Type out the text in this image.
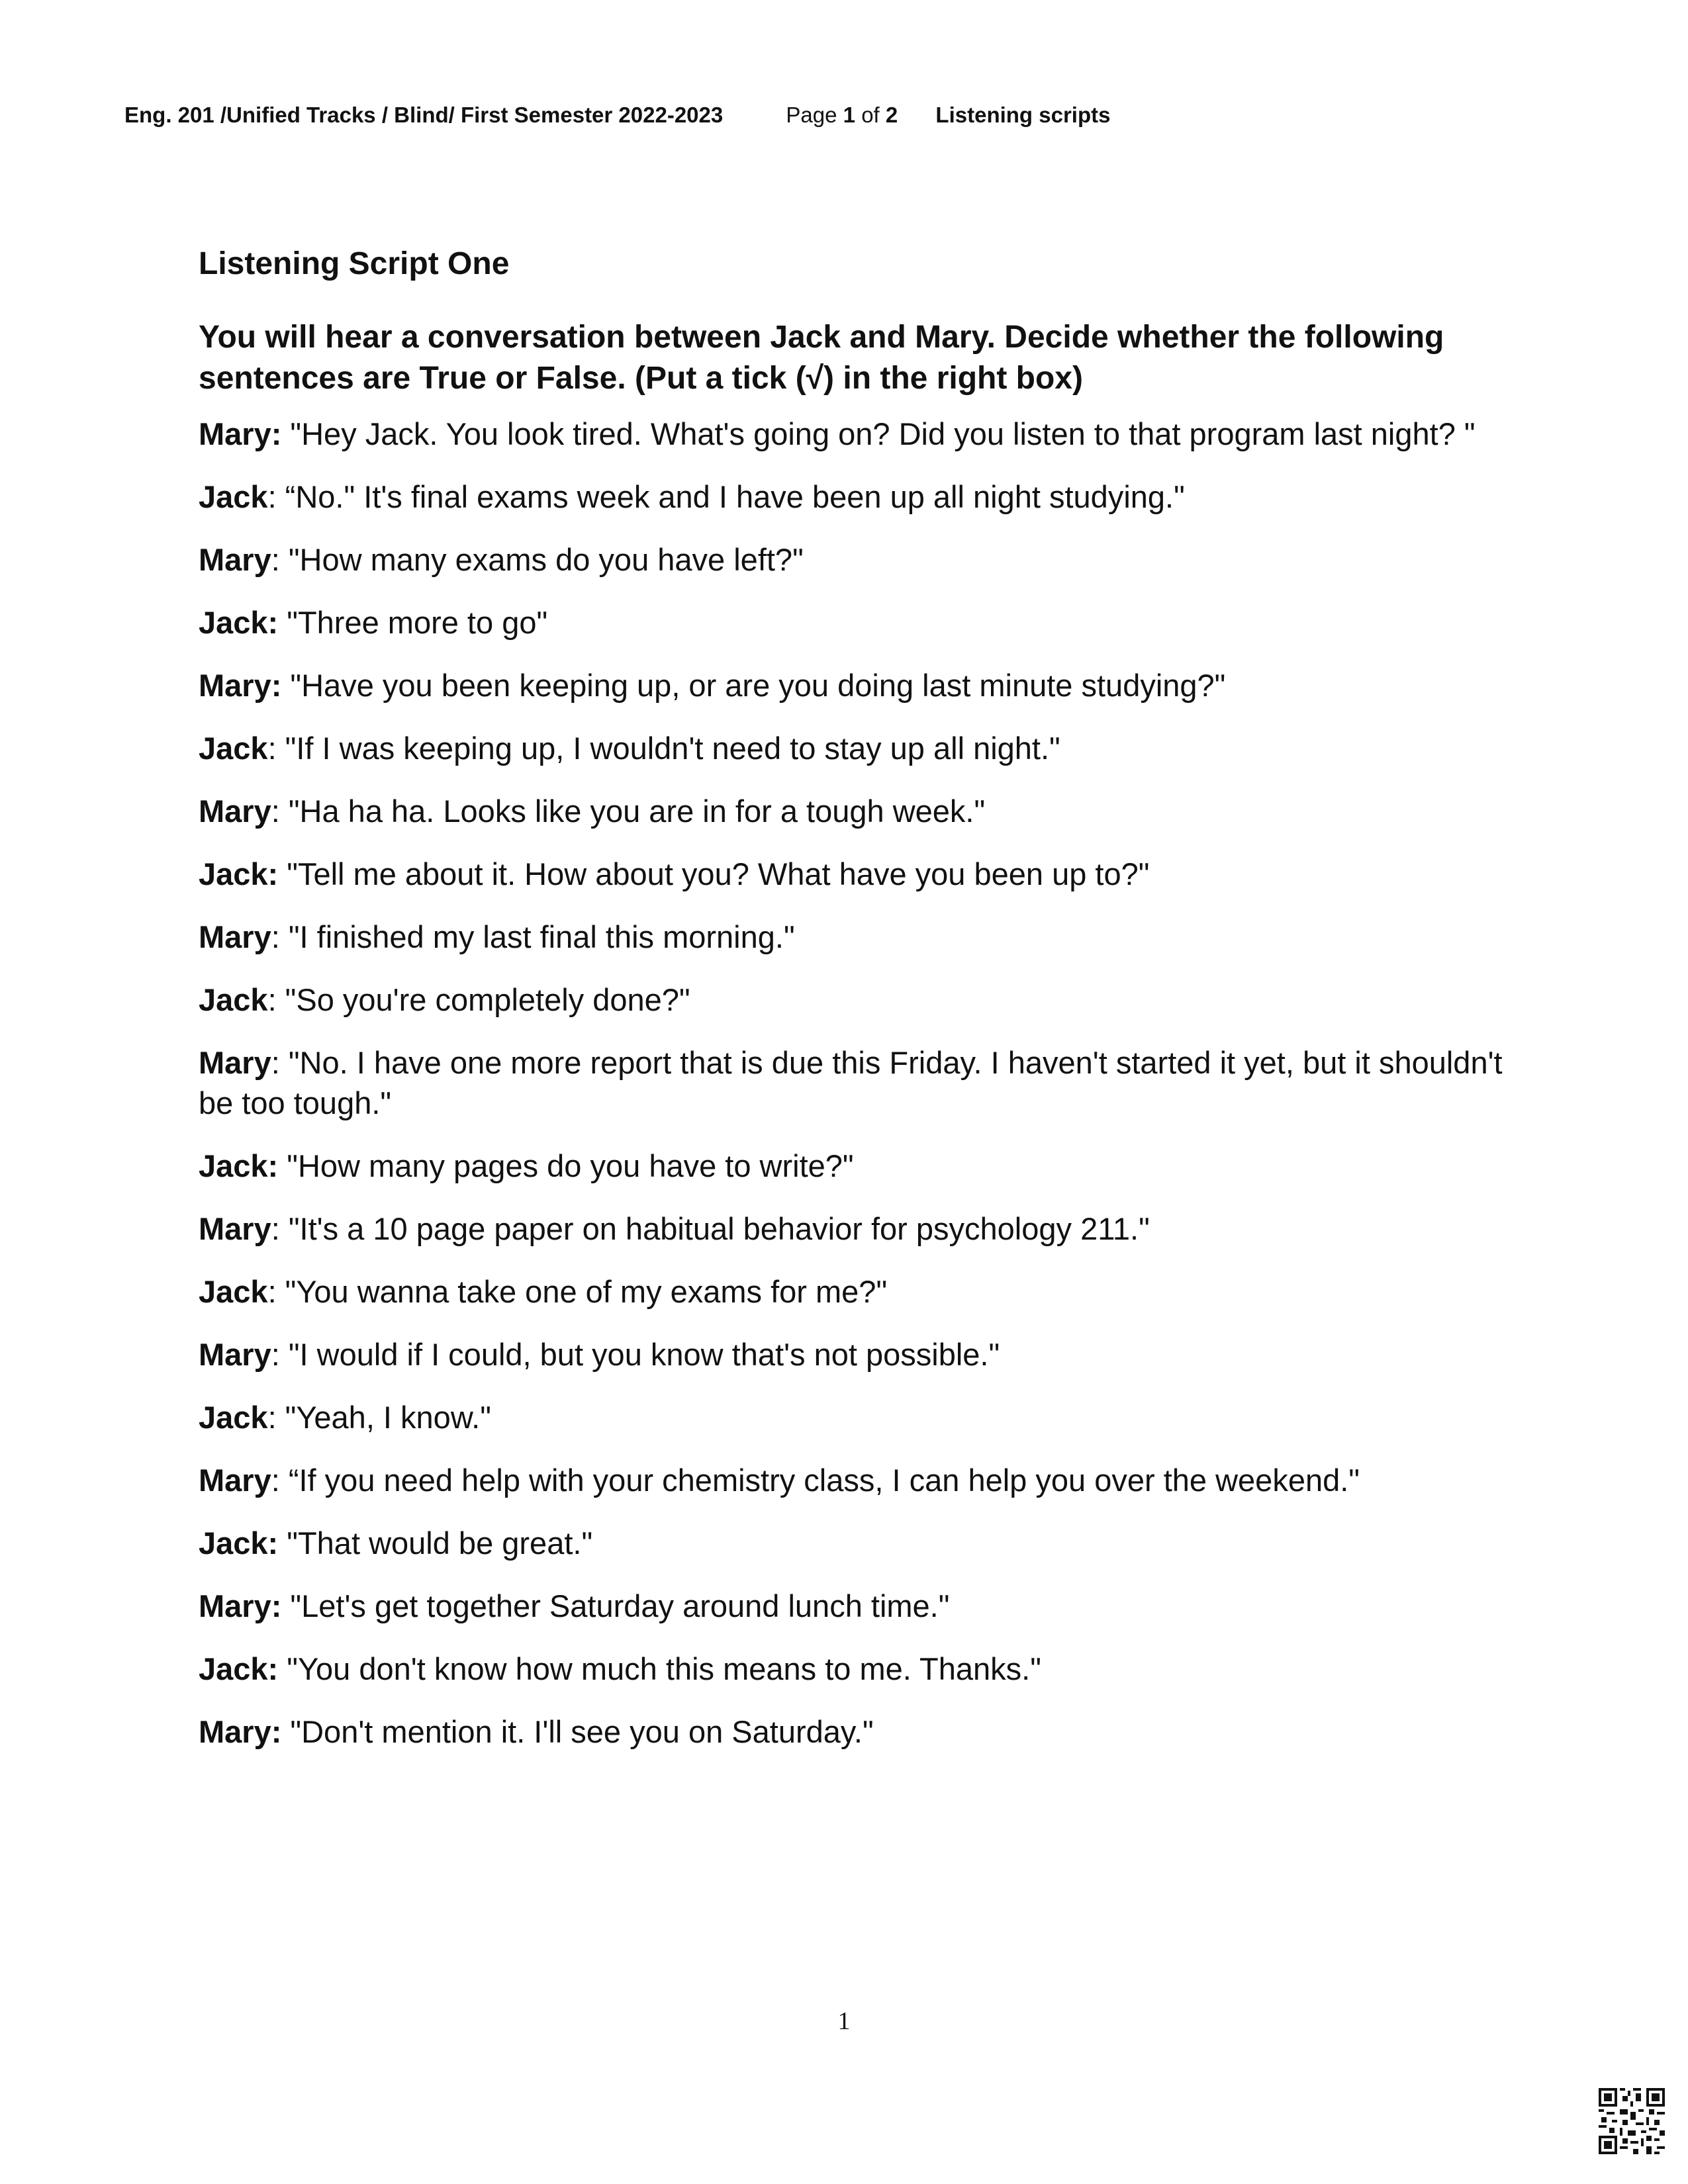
Eng. 201 /Unified Tracks / Blind/ First Semester 2022-2023	Page 1 of 2 Listening scripts
Listening Script One

You will hear a conversation between Jack and Mary. Decide whether the following sentences are True or False. (Put a tick (√) in the right box)

Mary: "Hey Jack. You look tired. What's going on? Did you listen to that program last night? "

Jack: “No." It's final exams week and I have been up all night studying."

Mary: "How many exams do you have left?"

Jack: "Three more to go"

Mary: "Have you been keeping up, or are you doing last minute studying?"

Jack: "If I was keeping up, I wouldn't need to stay up all night."

Mary: "Ha ha ha. Looks like you are in for a tough week."

Jack: "Tell me about it. How about you? What have you been up to?"

Mary: "I finished my last final this morning."

Jack: "So you're completely done?"

Mary: "No. I have one more report that is due this Friday. I haven't started it yet, but it shouldn't be too tough."

Jack: "How many pages do you have to write?"

Mary: "It's a 10 page paper on habitual behavior for psychology 211."

Jack: "You wanna take one of my exams for me?"

Mary: "I would if I could, but you know that's not possible."

Jack: "Yeah, I know."

Mary: “If you need help with your chemistry class, I can help you over the weekend."

Jack: "That would be great."

Mary: "Let's get together Saturday around lunch time."

Jack: "You don't know how much this means to me. Thanks."

Mary: "Don't mention it. I'll see you on Saturday."

1
